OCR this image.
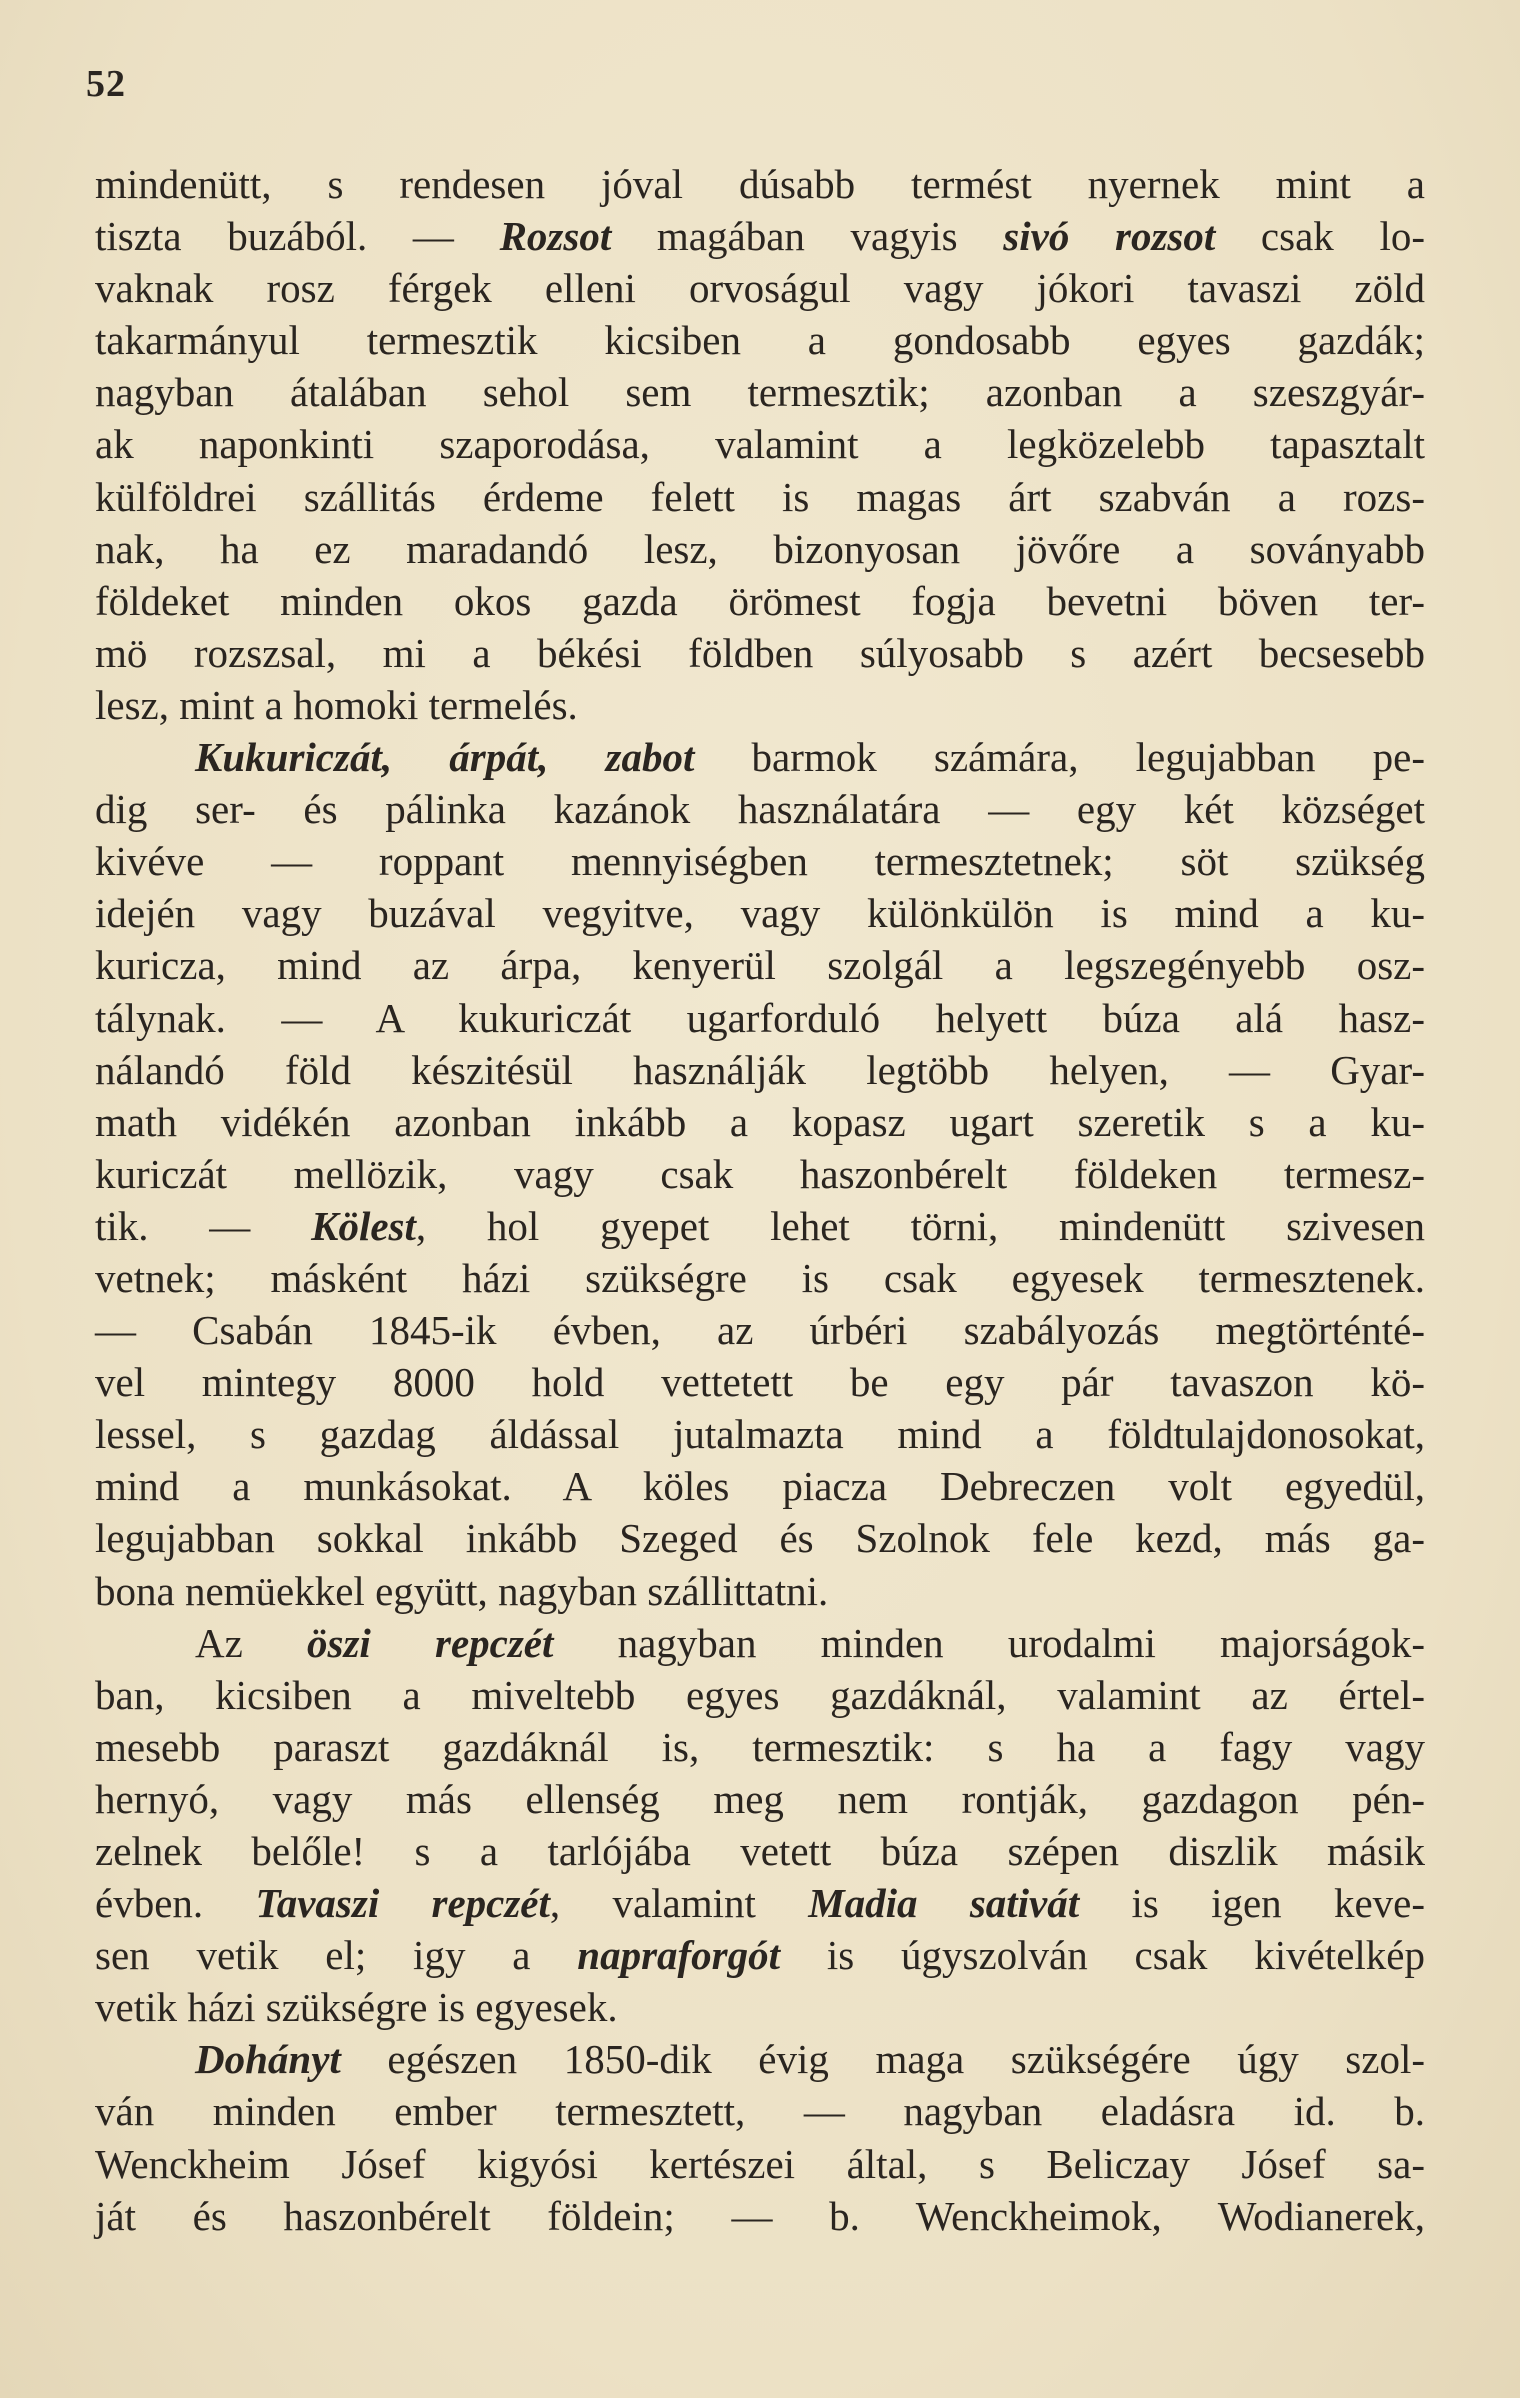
52
mindenütt, s rendesen jóval dúsabb termést nyernek mint a
tiszta buzából. — Rozsot magában vagyis sivó rozsot csak lo-
vaknak rosz férgek elleni orvoságul vagy jókori tavaszi zöld
takarmányul termesztik kicsiben a gondosabb egyes gazdák;
nagyban átalában sehol sem termesztik; azonban a szeszgyár-
ak naponkinti szaporodása, valamint a legközelebb tapasztalt
külföldrei szállitás érdeme felett is magas árt szabván a rozs-
nak, ha ez maradandó lesz, bizonyosan jövőre a soványabb
földeket minden okos gazda örömest fogja bevetni böven ter-
mö rozszsal, mi a békési földben súlyosabb s azért becsesebb
lesz, mint a homoki termelés.
Kukuriczát, árpát, zabot barmok számára, legujabban pe-
dig ser- és pálinka kazánok használatára — egy két községet
kivéve — roppant mennyiségben termesztetnek; söt szükség
idején vagy buzával vegyitve, vagy különkülön is mind a ku-
kuricza, mind az árpa, kenyerül szolgál a legszegényebb osz-
tálynak. — A kukuriczát ugarforduló helyett búza alá hasz-
nálandó föld készitésül használják legtöbb helyen, — Gyar-
math vidékén azonban inkább a kopasz ugart szeretik s a ku-
kuriczát mellözik, vagy csak haszonbérelt földeken termesz-
tik. — Kölest, hol gyepet lehet törni, mindenütt szivesen
vetnek; másként házi szükségre is csak egyesek termesztenek.
— Csabán 1845-ik évben, az úrbéri szabályozás megtörténté-
vel mintegy 8000 hold vettetett be egy pár tavaszon kö-
lessel, s gazdag áldással jutalmazta mind a földtulajdonosokat,
mind a munkásokat. A köles piacza Debreczen volt egyedül,
legujabban sokkal inkább Szeged és Szolnok fele kezd, más ga-
bona nemüekkel együtt, nagyban szállittatni.
Az öszi repczét nagyban minden urodalmi majorságok-
ban, kicsiben a miveltebb egyes gazdáknál, valamint az értel-
mesebb paraszt gazdáknál is, termesztik: s ha a fagy vagy
hernyó, vagy más ellenség meg nem rontják, gazdagon pén-
zelnek belőle! s a tarlójába vetett búza szépen diszlik másik
évben. Tavaszi repczét, valamint Madia sativát is igen keve-
sen vetik el; igy a napraforgót is úgyszolván csak kivételkép
vetik házi szükségre is egyesek.
Dohányt egészen 1850-dik évig maga szükségére úgy szol-
ván minden ember termesztett, — nagyban eladásra id. b.
Wenckheim Jósef kigyósi kertészei által, s Beliczay Jósef sa-
ját és haszonbérelt földein; — b. Wenckheimok, Wodianerek,
